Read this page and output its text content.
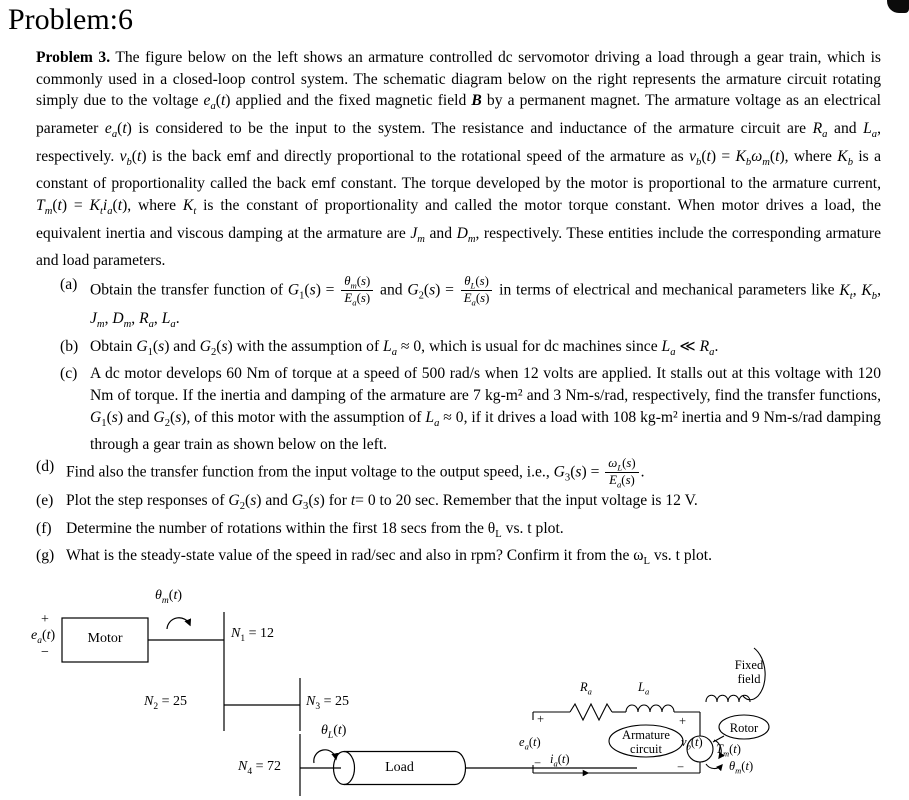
Problem:6

Problem 3. The figure below on the left shows an armature controlled dc servomotor driving a load through a gear train, which is commonly used in a closed-loop control system. The schematic diagram below on the right represents the armature circuit rotating simply due to the voltage $e_a(t)$ applied and the fixed magnetic field B by a permanent magnet. The armature voltage as an electrical parameter $e_a(t)$ is considered to be the input to the system. The resistance and inductance of the armature circuit are $R_a$ and $L_a$, respectively. $v_b(t)$ is the back emf and directly proportional to the rotational speed of the armature as $v_b(t) = K_b\omega_m(t)$, where $K_b$ is a constant of proportionality called the back emf constant. The torque developed by the motor is proportional to the armature current, $T_m(t) = K_ti_a(t)$, where $K_t$ is the constant of proportionality and called the motor torque constant. When motor drives a load, the equivalent inertia and viscous damping at the armature are $J_m$ and $D_m$, respectively. These entities include the corresponding armature and load parameters.

(a) Obtain the transfer function of $G_1(s) = \frac{\theta_m(s)}{E_a(s)}$ and $G_2(s) = \frac{\theta_L(s)}{E_a(s)}$ in terms of electrical and mechanical parameters like $K_t$, $K_b$, $J_m$, $D_m$, $R_a$, $L_a$.
(b) Obtain $G_1(s)$ and $G_2(s)$ with the assumption of $L_a \approx 0$, which is usual for dc machines since $L_a$ ≪ $R_a$.
(c) A dc motor develops 60 Nm of torque at a speed of 500 rad/s when 12 volts are applied. It stalls out at this voltage with 120 Nm of torque. If the inertia and damping of the armature are 7 kg-m² and 3 Nm-s/rad, respectively, find the transfer functions, $G_1(s)$ and $G_2(s)$, of this motor with the assumption of $L_a \approx 0$, if it drives a load with 108 kg-m² inertia and 9 Nm-s/rad damping through a gear train as shown below on the left.
(d) Find also the transfer function from the input voltage to the output speed, i.e., $G_3(s) = \frac{\omega_L(s)}{E_a(s)}$ .
(e) Plot the step responses of $G_2(s)$ and $G_3(s)$ for t= 0 to 20 sec. Remember that the input voltage is 12 V.
(f) Determine the number of rotations within the first 18 secs from the $\theta_L$ vs. t plot.
(g) What is the steady-state value of the speed in rad/sec and also in rpm? Confirm it from the $\omega_L$ vs. t plot.
$\theta_m(t)$
+
$e_a(t)$
−
Motor	$N_1 = 12$
$N_2 = 25$	$N_3 = 25$
$\theta_L(t)$
$N_4 = 72$	Load
$R_a$	$L_a$
Fixed field
+
$e_a(t)$
− $i_a(t)$
Armature circuit
+
$v_b(t)$
−
Rotor
$T_m(t)$
$\theta_m(t)$
